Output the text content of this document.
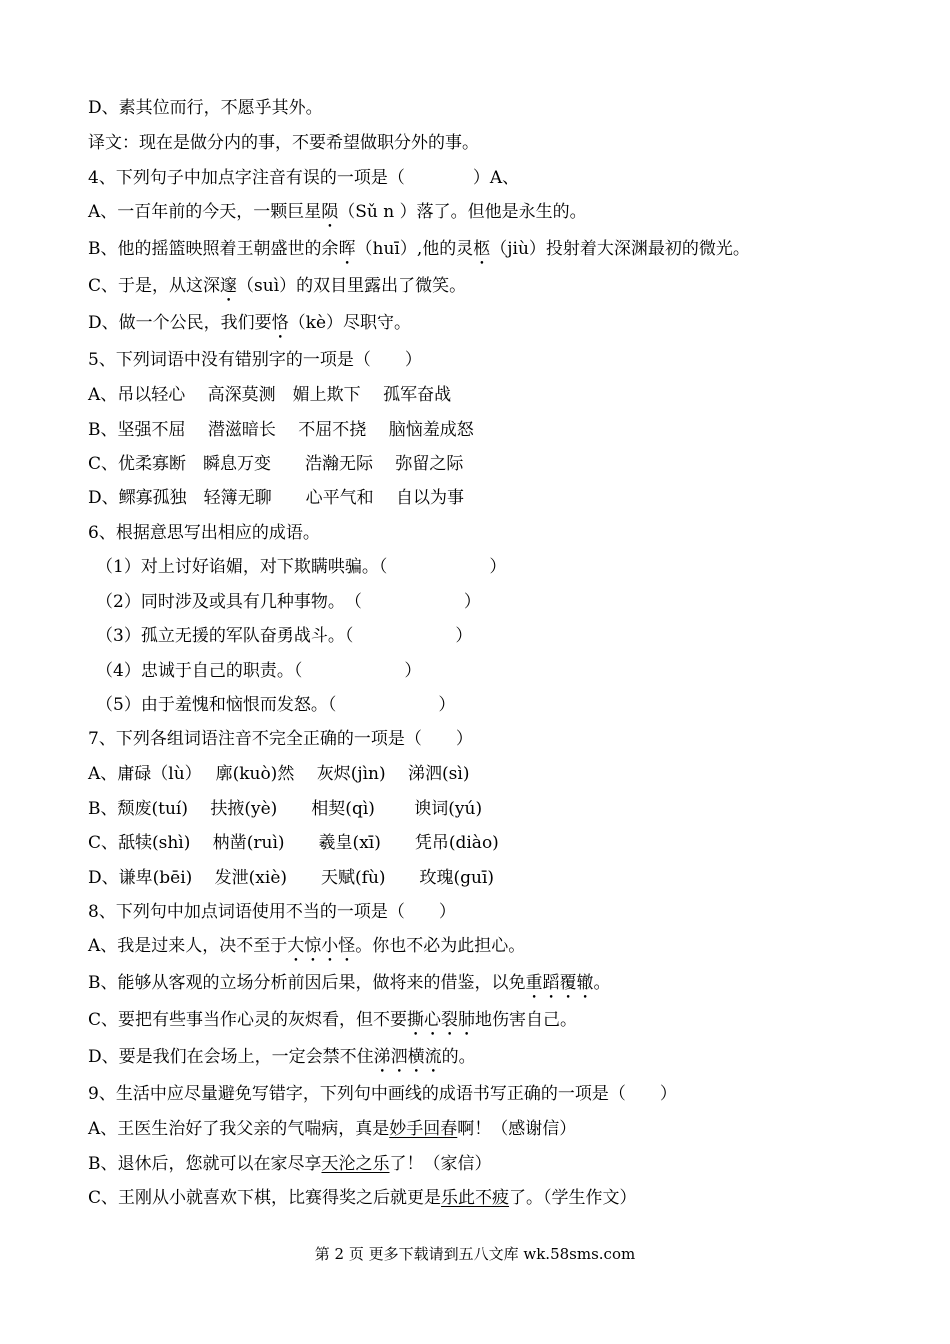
D、素其位而行，不愿乎其外。
译文：现在是做分内的事，不要希望做职分外的事。
4、下列句子中加点字注音有误的一项是（　　　　）A、
A、一百年前的今天，一颗巨星陨（Sǔ n ）落了。但他是永生的。
B、他的摇篮映照着王朝盛世的余晖（huī）,他的灵柩（jiù）投射着大深渊最初的微光。
C、于是，从这深邃（suì）的双目里露出了微笑。
D、做一个公民，我们要恪（kè）尽职守。
5、下列词语中没有错别字的一项是（　　）
A、吊以轻心　 高深莫测　媚上欺下　 孤军奋战
B、坚强不屈　 潜滋暗长　 不屈不挠　 脑恼羞成怒
C、优柔寡断　瞬息万变　　浩瀚无际　 弥留之际
D、鳏寡孤独　轻簿无聊　　心平气和　 自以为事
6、根据意思写出相应的成语。
（1）对上讨好谄媚，对下欺瞒哄骗。（　　　　　　）
（2）同时涉及或具有几种事物。　（　　　　　　）
（3）孤立无援的军队奋勇战斗。（　　　　　　）
（4）忠诚于自己的职责。（　　　　　　）
（5）由于羞愧和恼恨而发怒。（　　　　　　）
7、下列各组词语注音不完全正确的一项是（　　）
A、庸碌（lù）　 廓(kuò)然　 灰烬(jìn)　 涕泗(sì)
B、颓废(tuí)　 扶掖(yè)　　相契(qì)　　 谀词(yú)
C、舐犊(shì)　 枘凿(ruì)　　羲皇(xī)　　凭吊(diào)
D、谦卑(bēi)　 发泄(xiè)　　天赋(fù)　　玫瑰(guī)
8、下列句中加点词语使用不当的一项是（　　）
A、我是过来人，决不至于大惊小怪。你也不必为此担心。
B、能够从客观的立场分析前因后果，做将来的借鉴，以免重蹈覆辙。
C、要把有些事当作心灵的灰烬看，但不要撕心裂肺地伤害自己。
D、要是我们在会场上，一定会禁不住涕泗横流的。
9、生活中应尽量避免写错字，下列句中画线的成语书写正确的一项是（　　）
A、王医生治好了我父亲的气喘病，真是妙手回春啊！（感谢信）
B、退休后，您就可以在家尽享天沦之乐了！（家信）
C、王刚从小就喜欢下棋，比赛得奖之后就更是乐此不疲了。（学生作文）
第 2 页 更多下载请到五八文库 wk.58sms.com
